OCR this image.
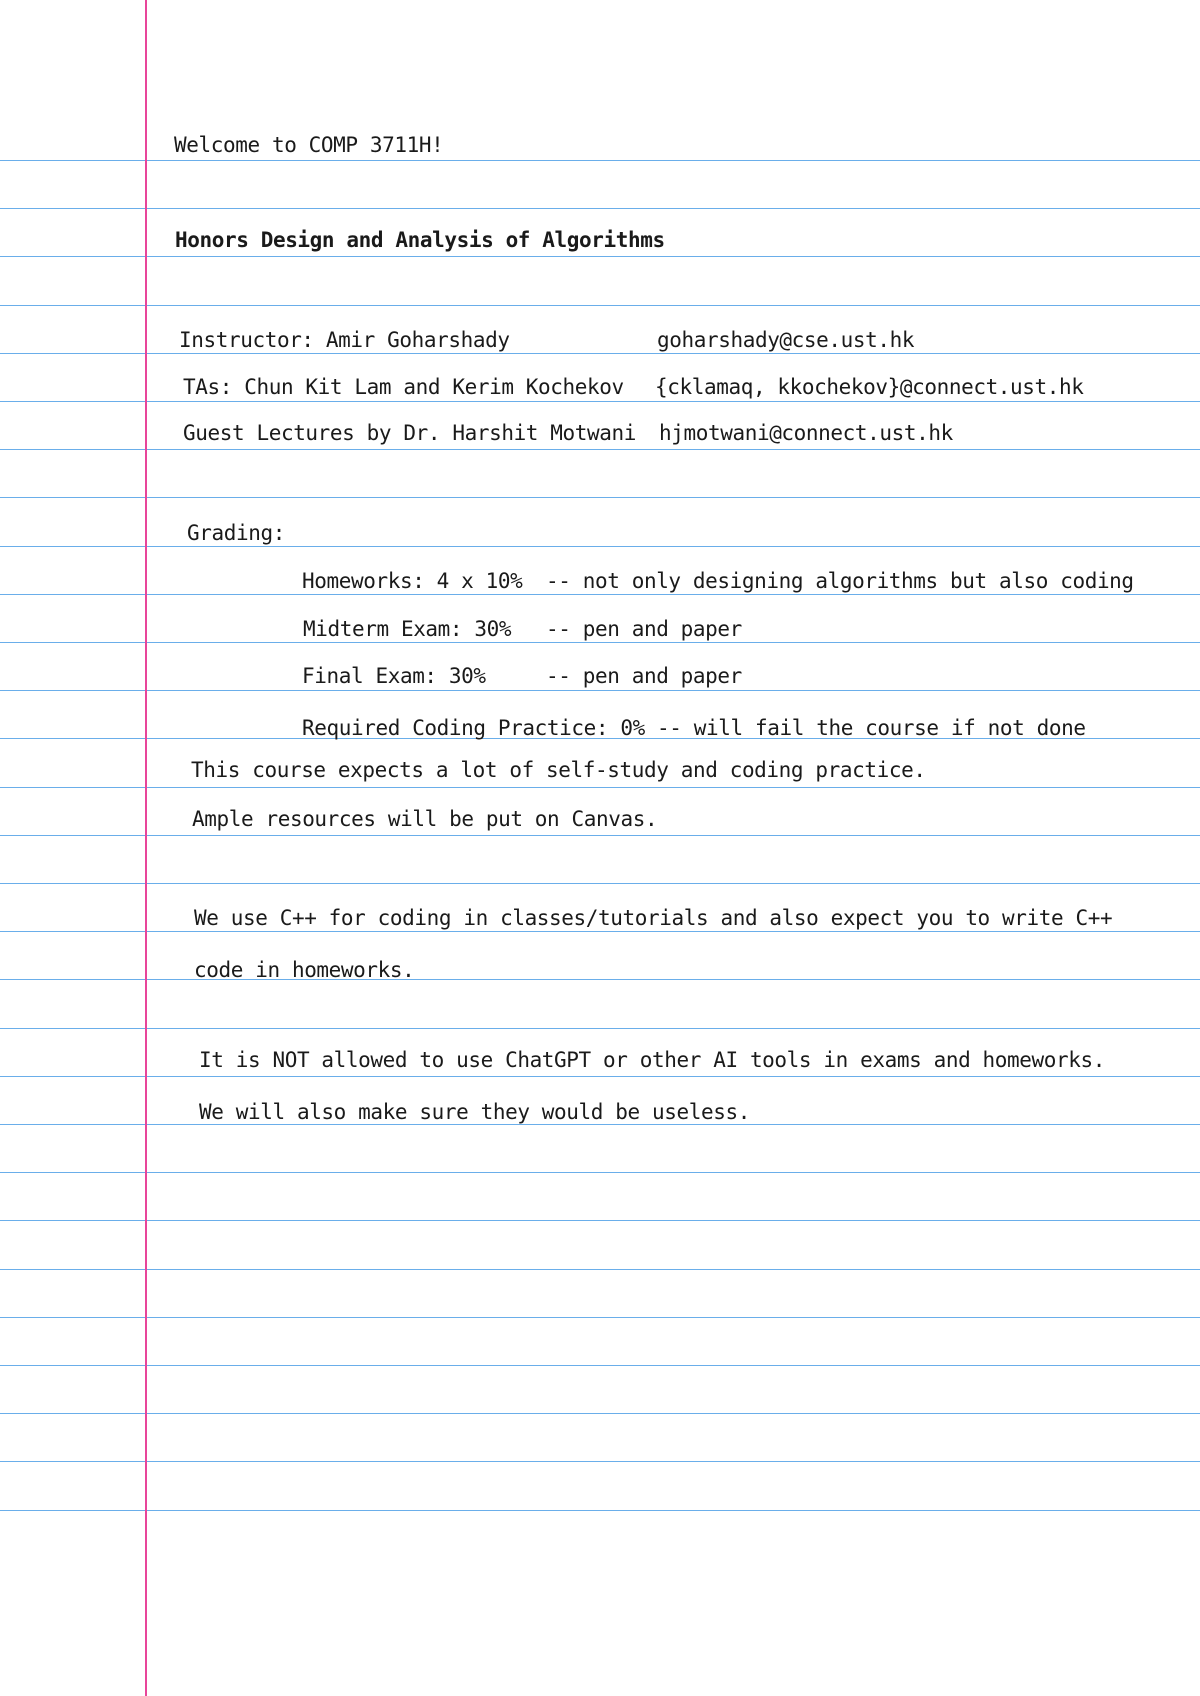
Welcome to COMP 3711H!
Honors Design and Analysis of Algorithms
Instructor: Amir Goharshady	goharshady@cse.ust.hk
TAs: Chun Kit Lam and Kerim Kochekov {cklamaq, kkochekov}@connect.ust.hk
Guest Lectures by Dr. Harshit Motwani hjmotwani@connect.ust.hk
Grading:
Homeworks: 4 x 10% -- not only designing algorithms but also coding
Midterm Exam: 30% -- pen and paper
Final Exam: 30%	-- pen and paper
Required Coding Practice: 0% -- will fail the course if not done
This course expects a lot of self-study and coding practice.
Ample resources will be put on Canvas.
We use C++ for coding in classes/tutorials and also expect you to write C++
code in homeworks.
It is NOT allowed to use ChatGPT or other AI tools in exams and homeworks.
We will also make sure they would be useless.
